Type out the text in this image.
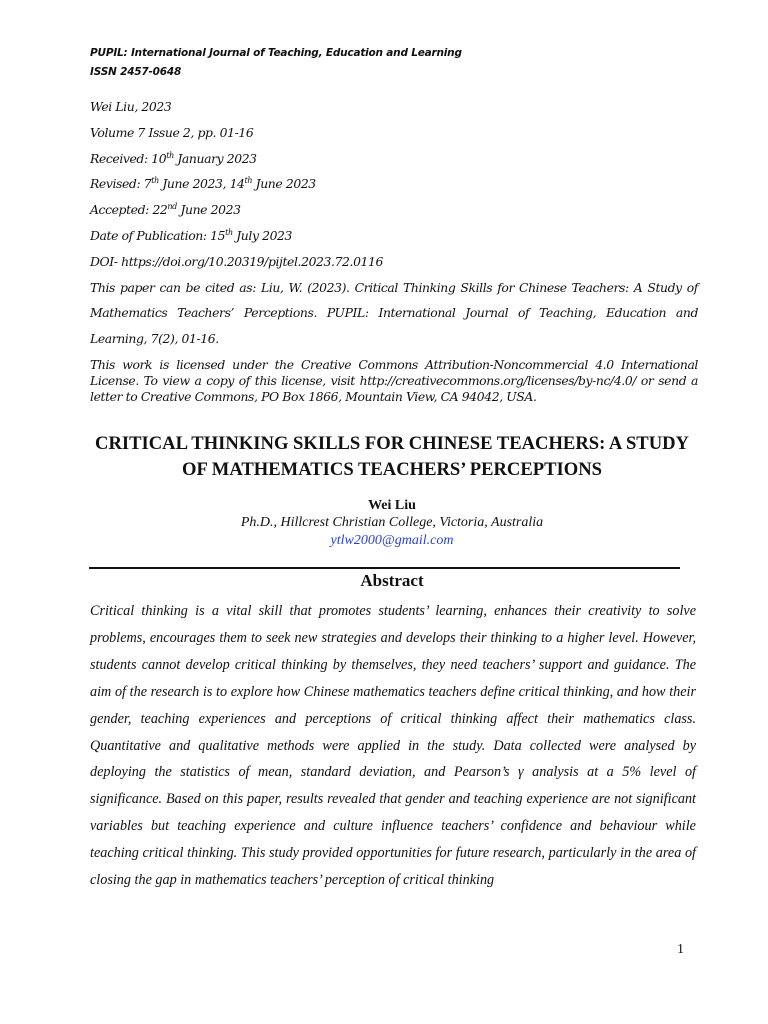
PUPIL: International Journal of Teaching, Education and Learning
ISSN 2457-0648
Wei Liu, 2023
Volume 7 Issue 2, pp. 01-16
Received: 10th January 2023
Revised: 7th June 2023, 14th June 2023
Accepted: 22nd June 2023
Date of Publication: 15th July 2023
DOI- https://doi.org/10.20319/pijtel.2023.72.0116
This paper can be cited as: Liu, W. (2023). Critical Thinking Skills for Chinese Teachers: A Study of Mathematics Teachers’ Perceptions. PUPIL: International Journal of Teaching, Education and Learning, 7(2), 01-16.
This work is licensed under the Creative Commons Attribution-Noncommercial 4.0 International License. To view a copy of this license, visit http://creativecommons.org/licenses/by-nc/4.0/ or send a letter to Creative Commons, PO Box 1866, Mountain View, CA 94042, USA.
CRITICAL THINKING SKILLS FOR CHINESE TEACHERS: A STUDY OF MATHEMATICS TEACHERS’ PERCEPTIONS
Wei Liu
Ph.D., Hillcrest Christian College, Victoria, Australia
ytlw2000@gmail.com
Abstract
Critical thinking is a vital skill that promotes students’ learning, enhances their creativity to solve problems, encourages them to seek new strategies and develops their thinking to a higher level. However, students cannot develop critical thinking by themselves, they need teachers’ support and guidance. The aim of the research is to explore how Chinese mathematics teachers define critical thinking, and how their gender, teaching experiences and perceptions of critical thinking affect their mathematics class. Quantitative and qualitative methods were applied in the study. Data collected were analysed by deploying the statistics of mean, standard deviation, and Pearson’s γ analysis at a 5% level of significance. Based on this paper, results revealed that gender and teaching experience are not significant variables but teaching experience and culture influence teachers’ confidence and behaviour while teaching critical thinking. This study provided opportunities for future research, particularly in the area of closing the gap in mathematics teachers’ perception of critical thinking
1
